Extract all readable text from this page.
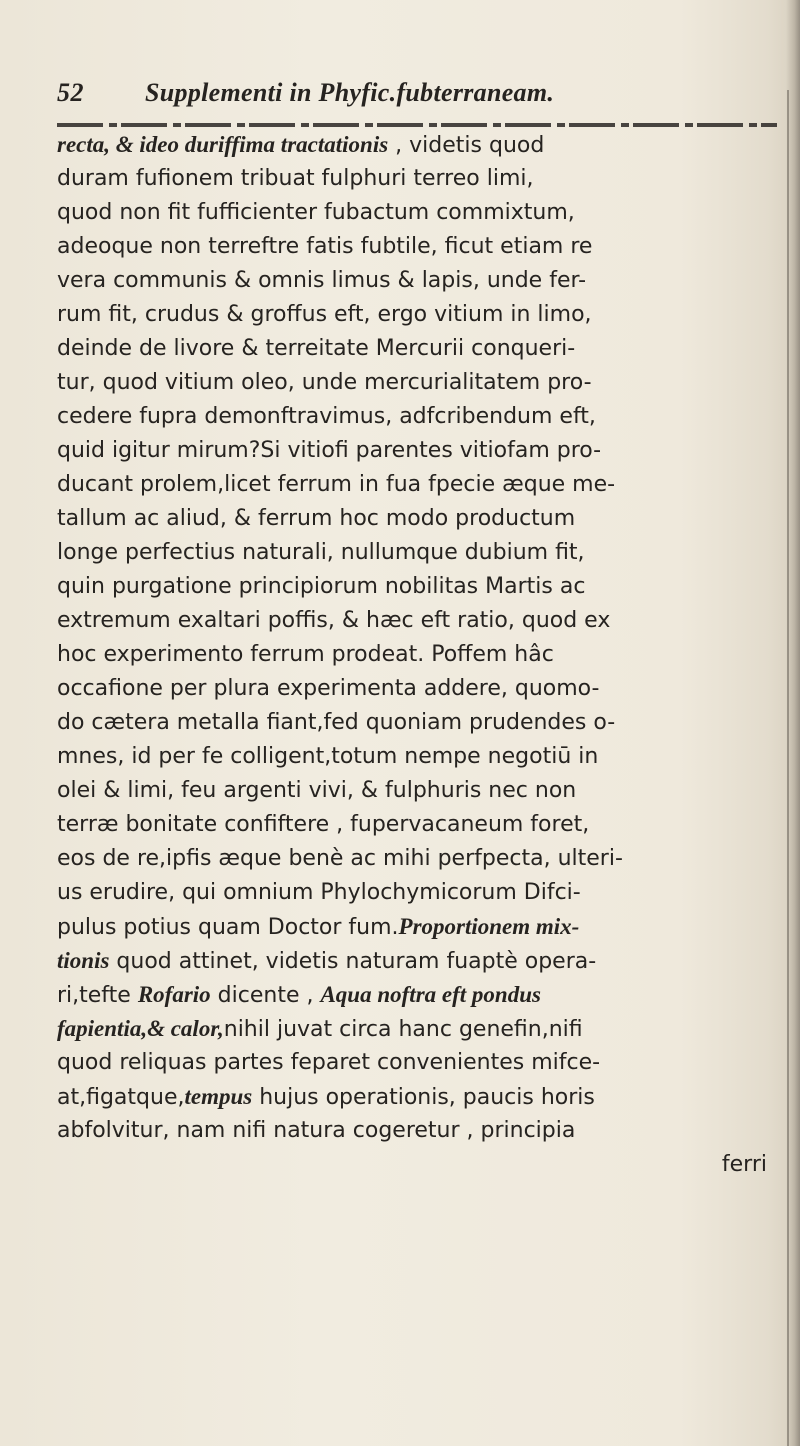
52 Supplementi in Phyfic.fubterraneam.
recta, & ideo duriffima tractationis , videtis quod
duram fufionem tribuat fulphuri terreo limi,
quod non fit fufficienter fubactum commixtum,
adeoque non terreftre fatis fubtile, ficut etiam re
vera communis & omnis limus & lapis, unde fer-
rum fit, crudus & groffus eft, ergo vitium in limo,
deinde de livore & terreitate Mercurii conqueri-
tur, quod vitium oleo, unde mercurialitatem pro-
cedere fupra demonftravimus, adfcribendum eft,
quid igitur mirum?Si vitiofi parentes vitiofam pro-
ducant prolem,licet ferrum in fua fpecie æque me-
tallum ac aliud, & ferrum hoc modo productum
longe perfectius naturali, nullumque dubium fit,
quin purgatione principiorum nobilitas Martis ac
extremum exaltari poffis, & hæc eft ratio, quod ex
hoc experimento ferrum prodeat. Poffem hâc
occafione per plura experimenta addere, quomo-
do cætera metalla fiant,fed quoniam prudendes o-
mnes, id per fe colligent,totum nempe negotiū in
olei & limi, feu argenti vivi, & fulphuris nec non
terræ bonitate confiftere , fupervacaneum foret,
eos de re,ipfis æque benè ac mihi perfpecta, ulteri-
us erudire, qui omnium Phylochymicorum Difci-
pulus potius quam Doctor fum.Proportionem mix-
tionis quod attinet, videtis naturam fuaptè opera-
ri,tefte Rofario dicente , Aqua noftra eft pondus
fapientia,& calor,nihil juvat circa hanc genefin,nifi
quod reliquas partes feparet convenientes mifce-
at,figatque,tempus hujus operationis, paucis horis
abfolvitur, nam nifi natura cogeretur , principia
ferri
